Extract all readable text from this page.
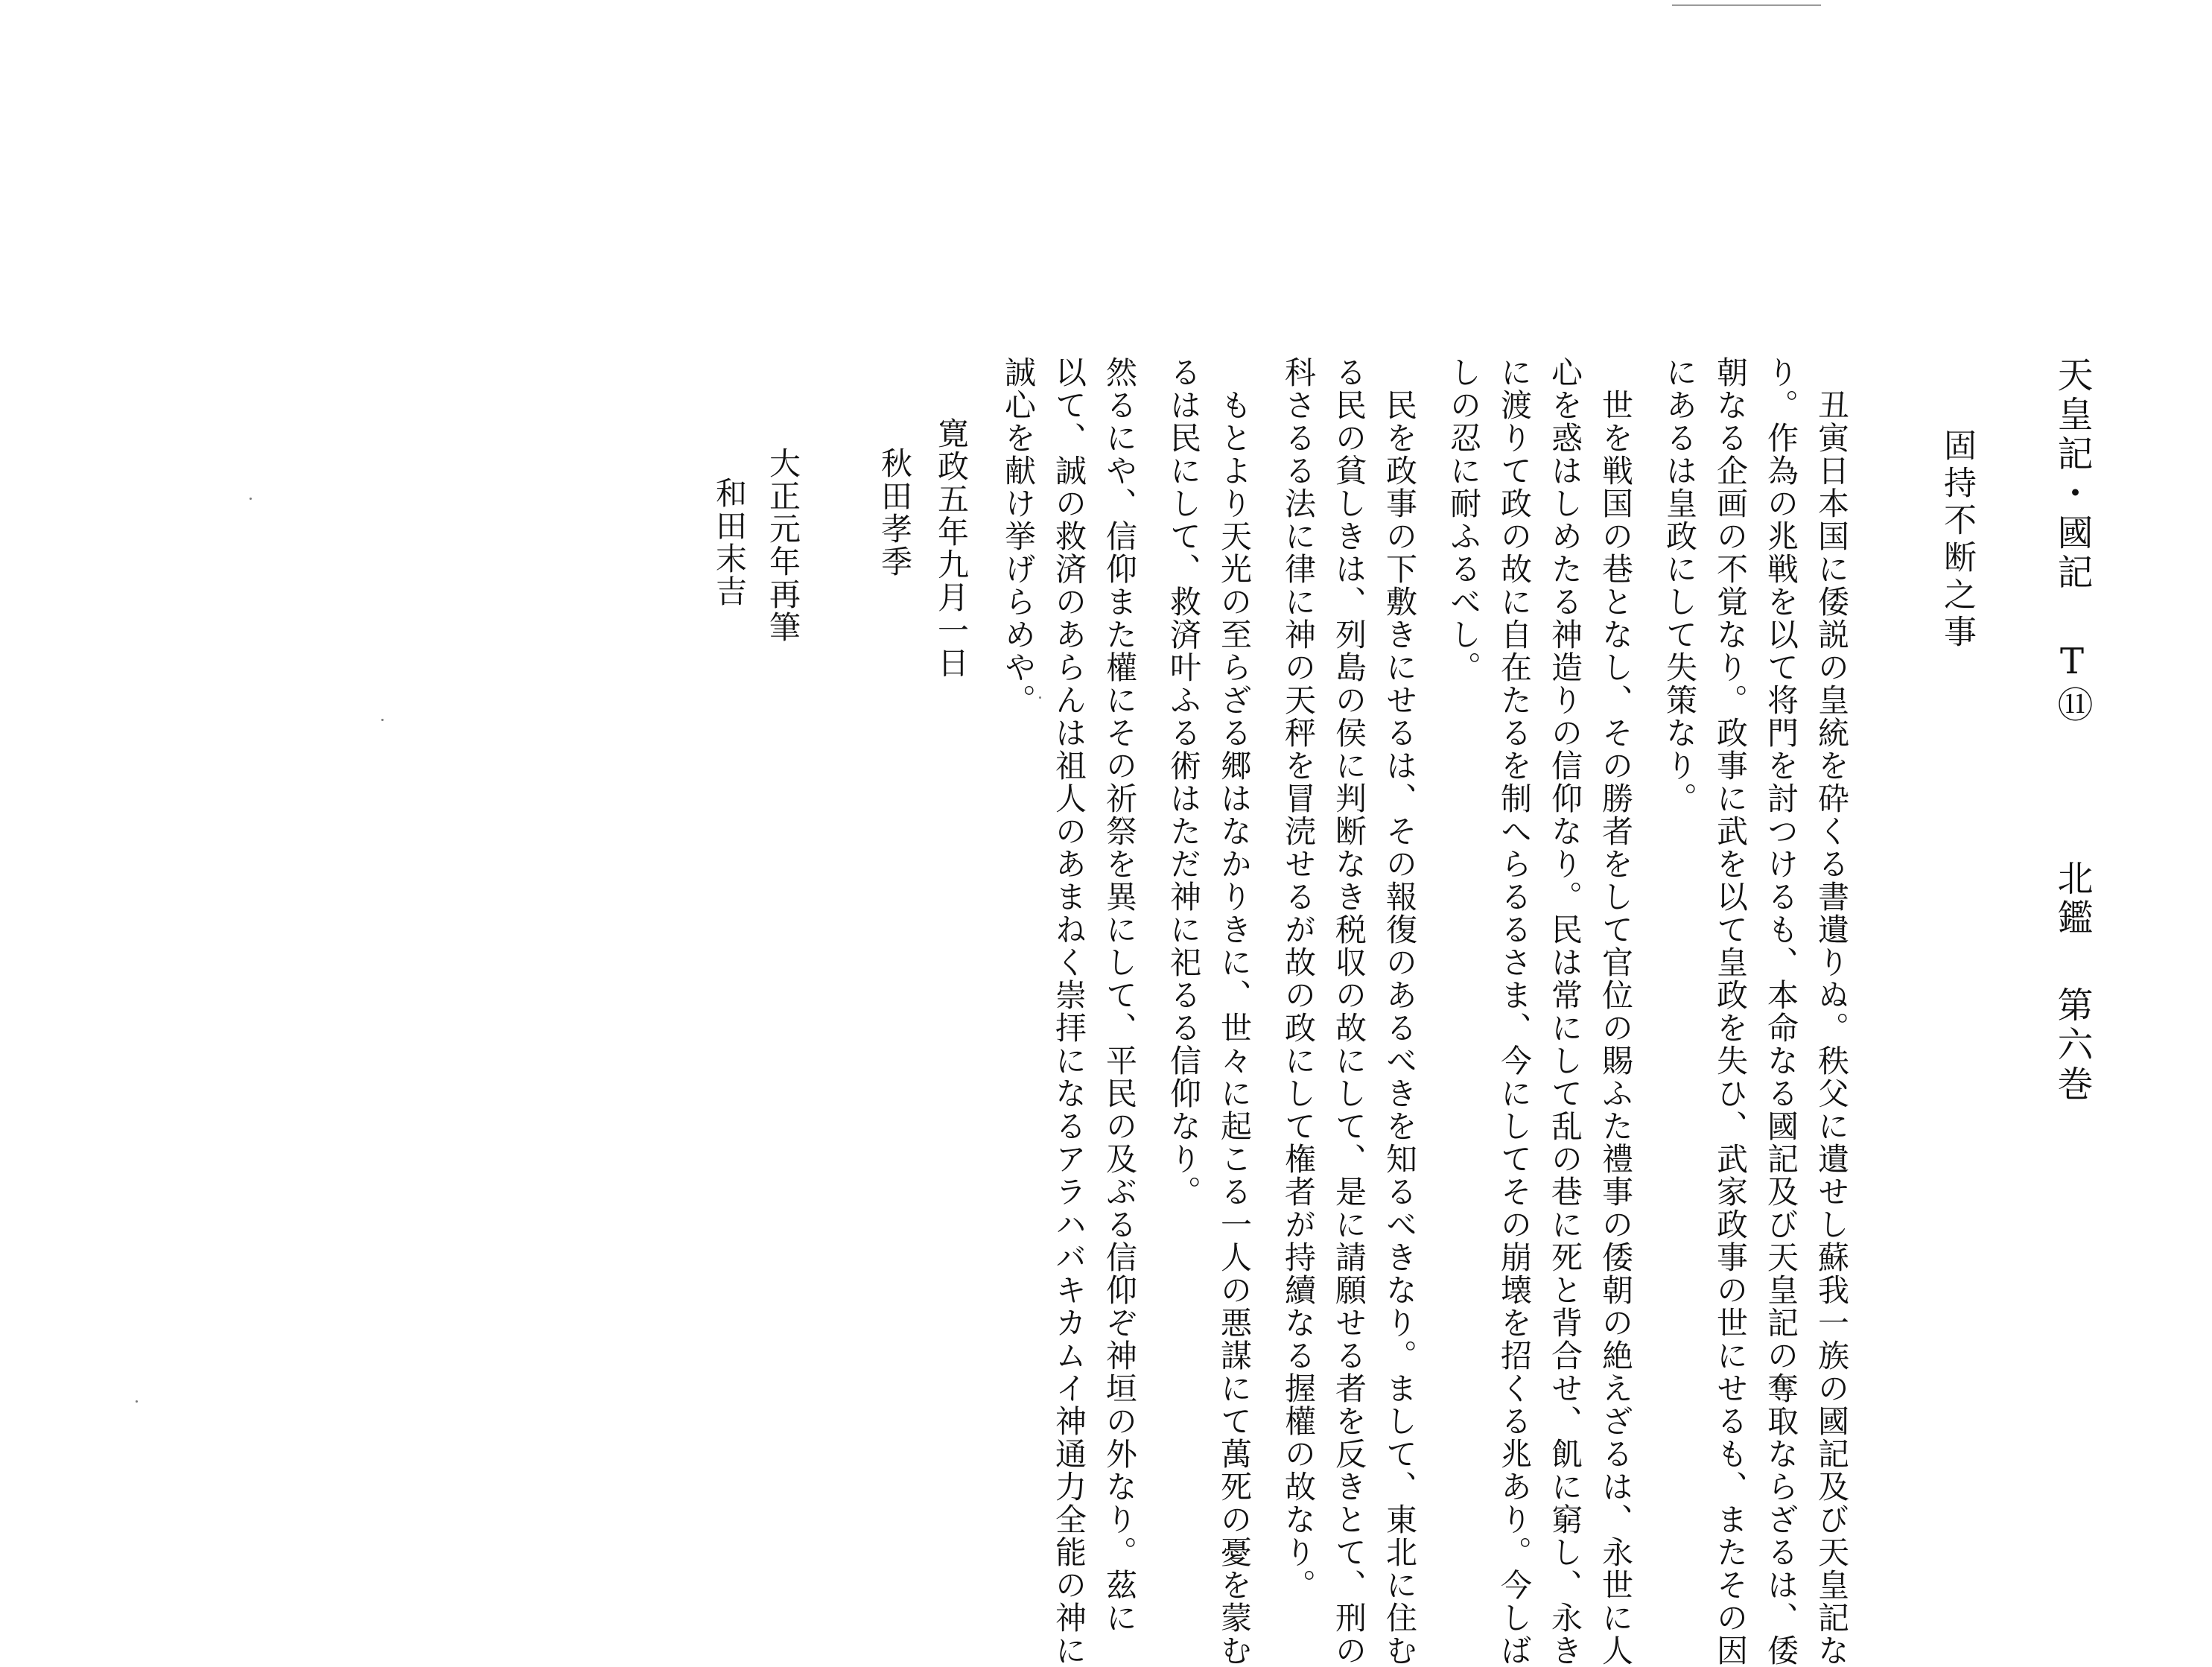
天皇記・國記T⑪北鑑第六巻
固持不断之事
丑寅日本国に倭説の皇統を砕くる書遺りぬ。秩父に遺せし蘇我一族の國記及び天皇記な
り。作為の兆戦を以て将門を討つけるも、本命なる國記及び天皇記の奪取ならざるは、倭
朝なる企画の不覚なり。政事に武を以て皇政を失ひ、武家政事の世にせるも、またその因
にあるは皇政にして失策なり。
世を戦国の巷となし、その勝者をして官位の賜ふた禮事の倭朝の絶えざるは、永世に人
心を惑はしめたる神造りの信仰なり。民は常にして乱の巷に死と背合せ、飢に窮し、永き
に渡りて政の故に自在たるを制へらるるさま、今にしてその崩壊を招くる兆あり。今しば
しの忍に耐ふるべし。
民を政事の下敷きにせるは、その報復のあるべきを知るべきなり。まして、東北に住む
る民の貧しきは、列島の侯に判断なき税収の故にして、是に請願せる者を反きとて、刑の
科さるる法に律に神の天秤を冒涜せるが故の政にして権者が持續なる握權の故なり。
もとより天光の至らざる郷はなかりきに、世々に起こる一人の悪謀にて萬死の憂を蒙む
るは民にして、救済叶ふる術はただ神に祀るる信仰なり。
然るにや、信仰また權にその祈祭を異にして、平民の及ぶる信仰ぞ神垣の外なり。茲に
以て、誠の救済のあらんは祖人のあまねく崇拝になるアラハバキカムイ神通力全能の神に
誠心を献け挙げらめや。
寛政五年九月一日
秋田孝季
大正元年再筆
和田末吉
